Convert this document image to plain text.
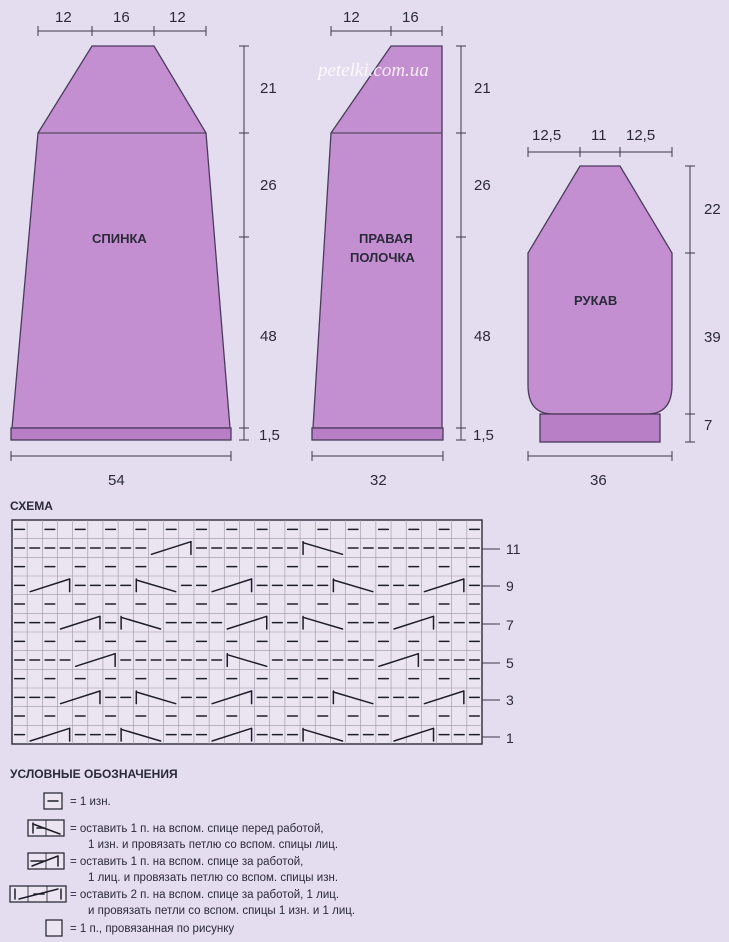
СПИНКА
12	16	12
21
26
48
1,5
54
ПРАВАЯ
ПОЛОЧКА
12	16
21
26
48
1,5
32
РУКАВ
12,5 11 12,5
22
39
7
36
petelki.com.ua
СХЕМА
11
9
7
5
3
1
УСЛОВНЫЕ ОБОЗНАЧЕНИЯ
= 1 изн.
= оставить 1 п. на вспом. спице перед работой,
1 изн. и провязать петлю со вспом. спицы лиц.
= оставить 1 п. на вспом. спице за работой,
1 лиц. и провязать петлю со вспом. спицы изн.
= оставить 2 п. на вспом. спице за работой, 1 лиц.
и провязать петли со вспом. спицы 1 изн. и 1 лиц.
= 1 п., провязанная по рисунку
